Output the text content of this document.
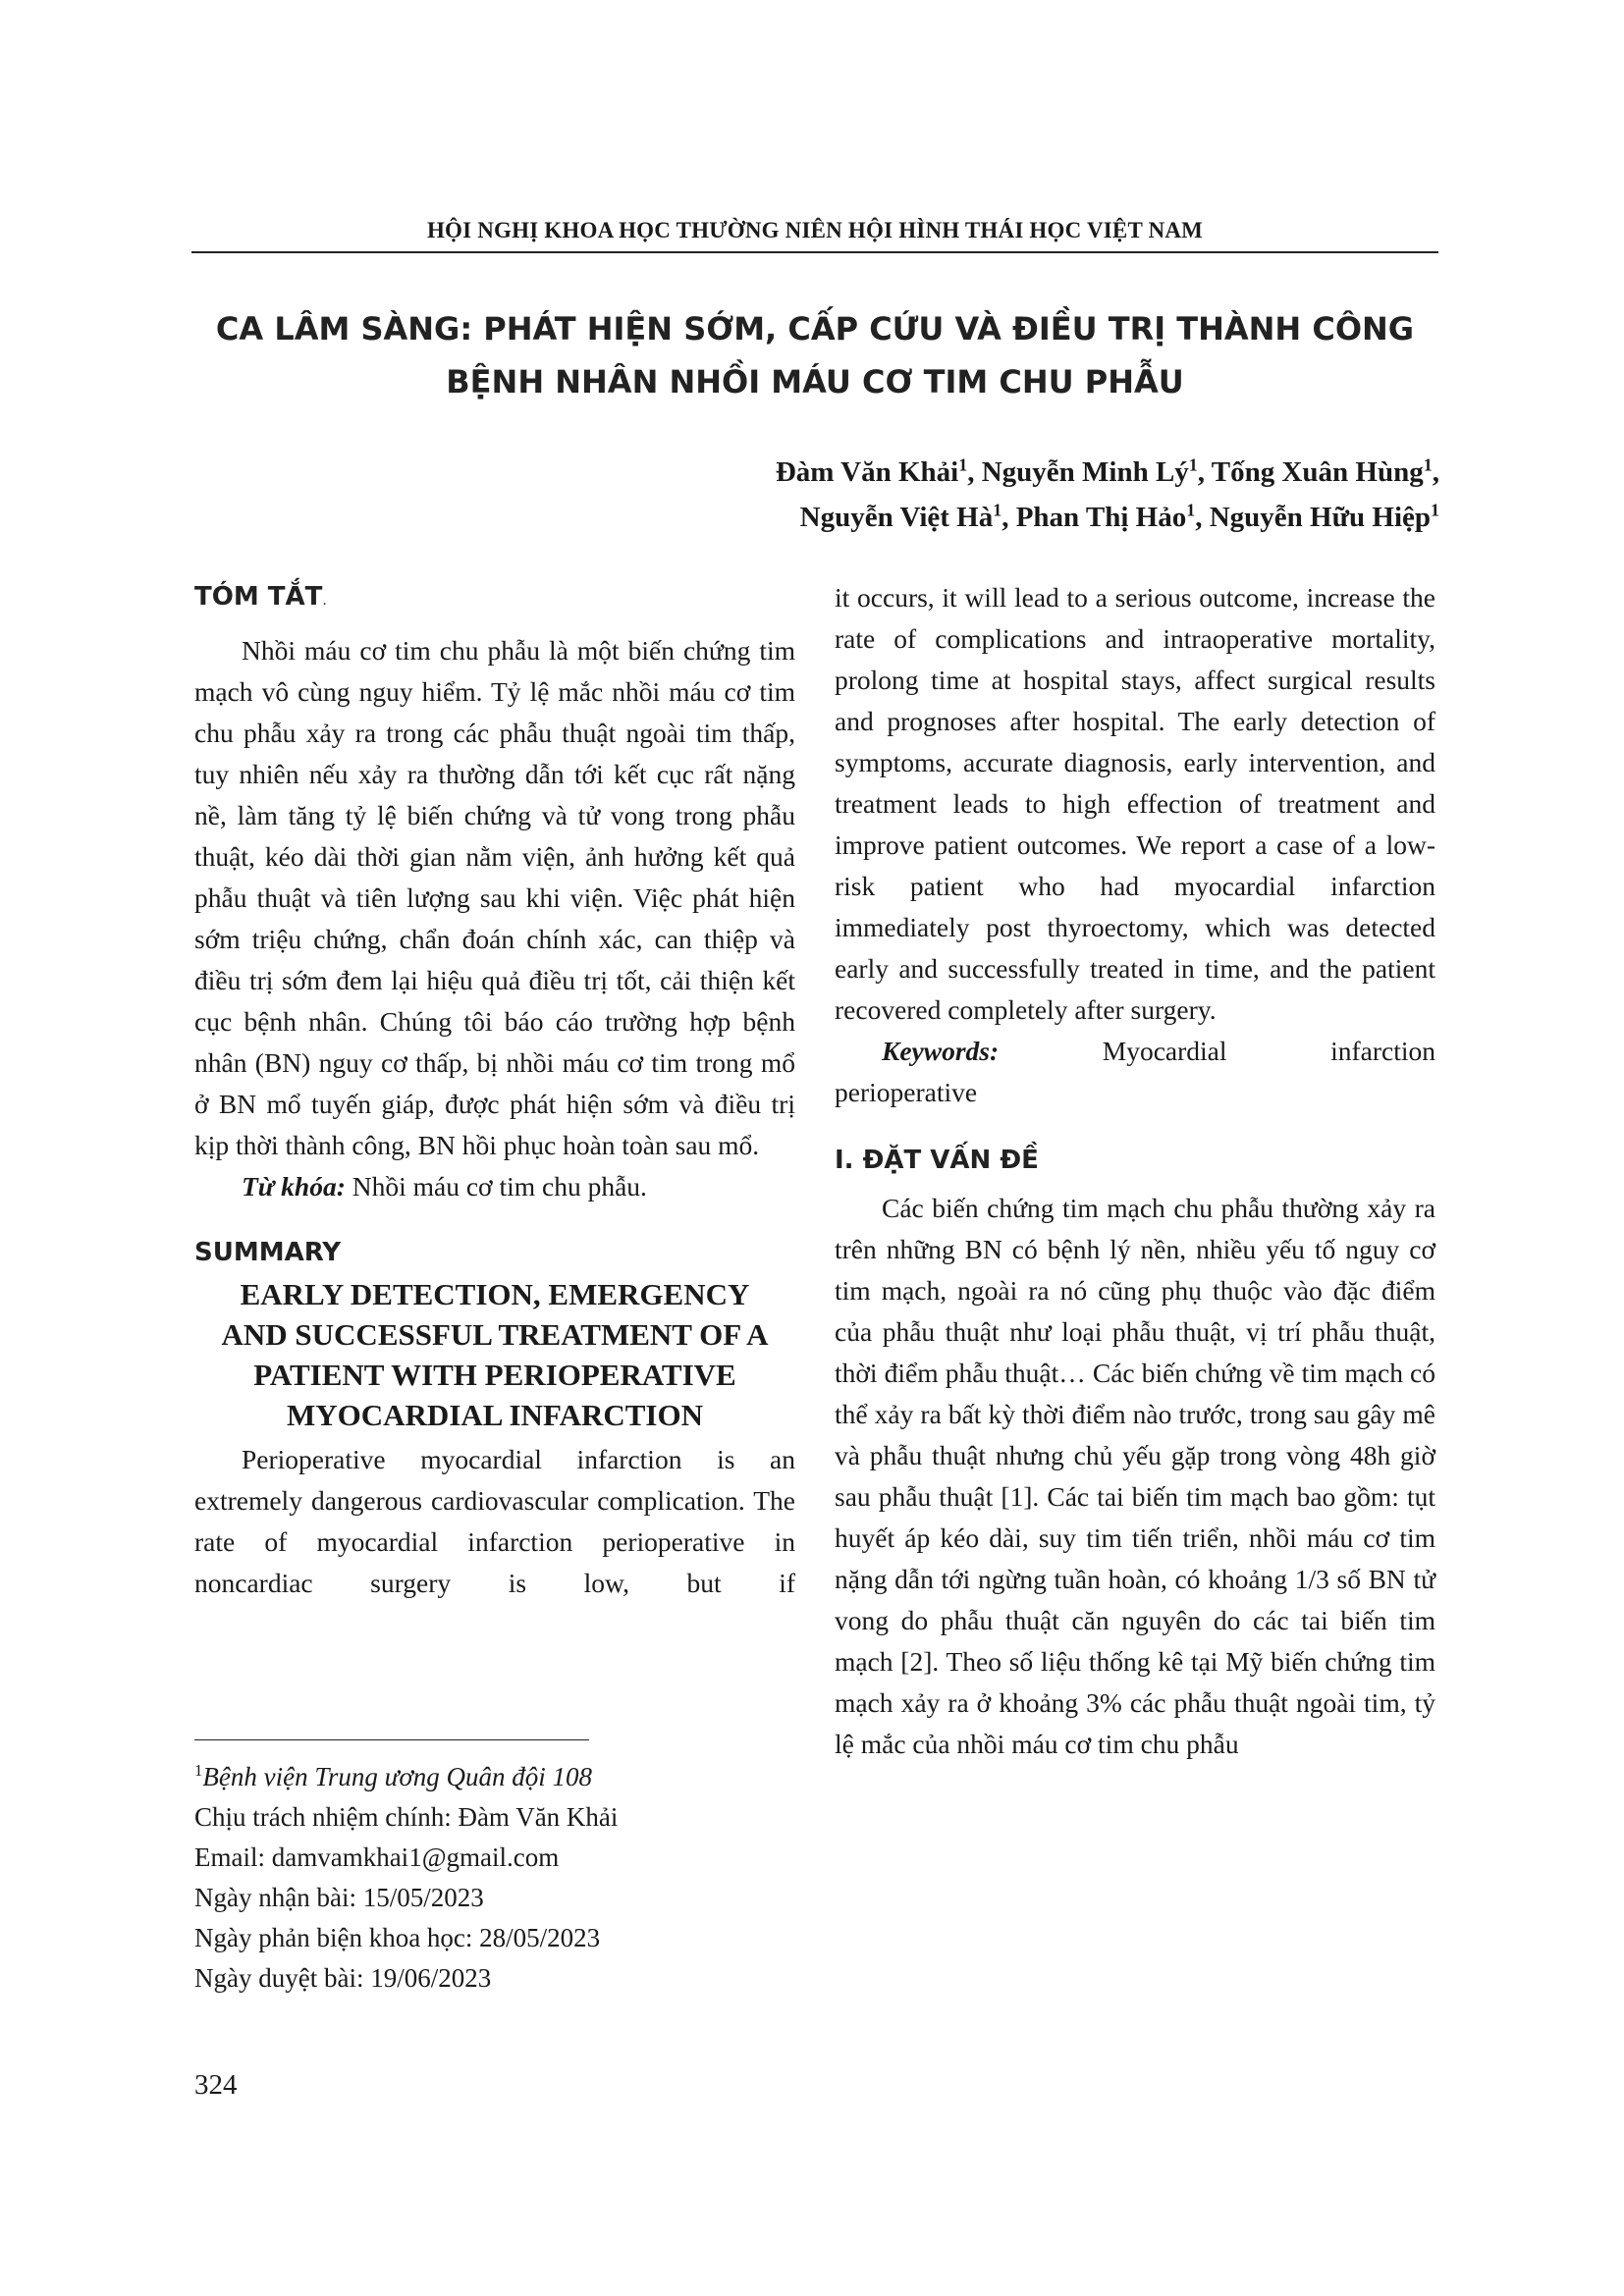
HỘI NGHỊ KHOA HỌC THƯỜNG NIÊN HỘI HÌNH THÁI HỌC VIỆT NAM
CA LÂM SÀNG: PHÁT HIỆN SỚM, CẤP CỨU VÀ ĐIỀU TRỊ THÀNH CÔNG
BỆNH NHÂN NHỒI MÁU CƠ TIM CHU PHẪU
Đàm Văn Khải$^1$, Nguyễn Minh $Lý^1$, Tống Xuân Hùng$^1$,
Nguyễn Việt $Hà^1$, Phan Thị Hảo$^1$, Nguyễn Hữu Hiệp$^1$
TÓM TẮT.

Nhồi máu cơ tim chu phẫu là một biến chứng tim mạch vô cùng nguy hiểm. Tỷ lệ mắc nhồi máu cơ tim chu phẫu xảy ra trong các phẫu thuật ngoài tim thấp, tuy nhiên nếu xảy ra thường dẫn tới kết cục rất nặng nề, làm tăng tỷ lệ biến chứng và tử vong trong phẫu thuật, kéo dài thời gian nằm viện, ảnh hưởng kết quả phẫu thuật và tiên lượng sau khi viện. Việc phát hiện sớm triệu chứng, chẩn đoán chính xác, can thiệp và điều trị sớm đem lại hiệu quả điều trị tốt, cải thiện kết cục bệnh nhân. Chúng tôi báo cáo trường hợp bệnh nhân (BN) nguy cơ thấp, bị nhồi máu cơ tim trong mổ ở BN mổ tuyến giáp, được phát hiện sớm và điều trị kịp thời thành công, BN hồi phục hoàn toàn sau mổ.

Từ khóa: Nhồi máu cơ tim chu phẫu.

SUMMARY
EARLY DETECTION, EMERGENCY
AND SUCCESSFUL TREATMENT OF A
PATIENT WITH PERIOPERATIVE
MYOCARDIAL INFARCTION

Perioperative myocardial infarction is an extremely dangerous cardiovascular complication. The rate of myocardial infarction perioperative in noncardiac surgery is low, but if

it occurs, it will lead to a serious outcome, increase the rate of complications and intraoperative mortality, prolong time at hospital stays, affect surgical results and prognoses after hospital. The early detection of symptoms, accurate diagnosis, early intervention, and treatment leads to high effection of treatment and improve patient outcomes. We report a case of a low-risk patient who had myocardial infarction immediately post thyroectomy, which was detected early and successfully treated in time, and the patient recovered completely after surgery.

Keywords:	Myocardial infarction

perioperative

I. ĐẶT VẤN ĐỀ

Các biến chứng tim mạch chu phẫu thường xảy ra trên những BN có bệnh lý nền, nhiều yếu tố nguy cơ tim mạch, ngoài ra nó cũng phụ thuộc vào đặc điểm của phẫu thuật như loại phẫu thuật, vị trí phẫu thuật, thời điểm phẫu thuật… Các biến chứng về tim mạch có thể xảy ra bất kỳ thời điểm nào trước, trong sau gây mê và phẫu thuật nhưng chủ yếu gặp trong vòng 48h giờ sau phẫu thuật [1]. Các tai biến tim mạch bao gồm: tụt huyết áp kéo dài, suy tim tiến triển, nhồi máu cơ tim nặng dẫn tới ngừng tuần hoàn, có khoảng 1/3 số BN tử vong do phẫu thuật căn nguyên do các tai biến tim mạch [2]. Theo số liệu thống kê tại Mỹ biến chứng tim mạch xảy ra ở khoảng 3% các phẫu thuật ngoài tim, tỷ lệ mắc của nhồi máu cơ tim chu phẫu

$^1$Bệnh viện Trung ương Quân đội 108
Chịu trách nhiệm chính: Đàm Văn Khải
Email: damvamkhai1@gmail.com
Ngày nhận bài: 15/05/2023
Ngày phản biện khoa học: 28/05/2023
Ngày duyệt bài: 19/06/2023
324
